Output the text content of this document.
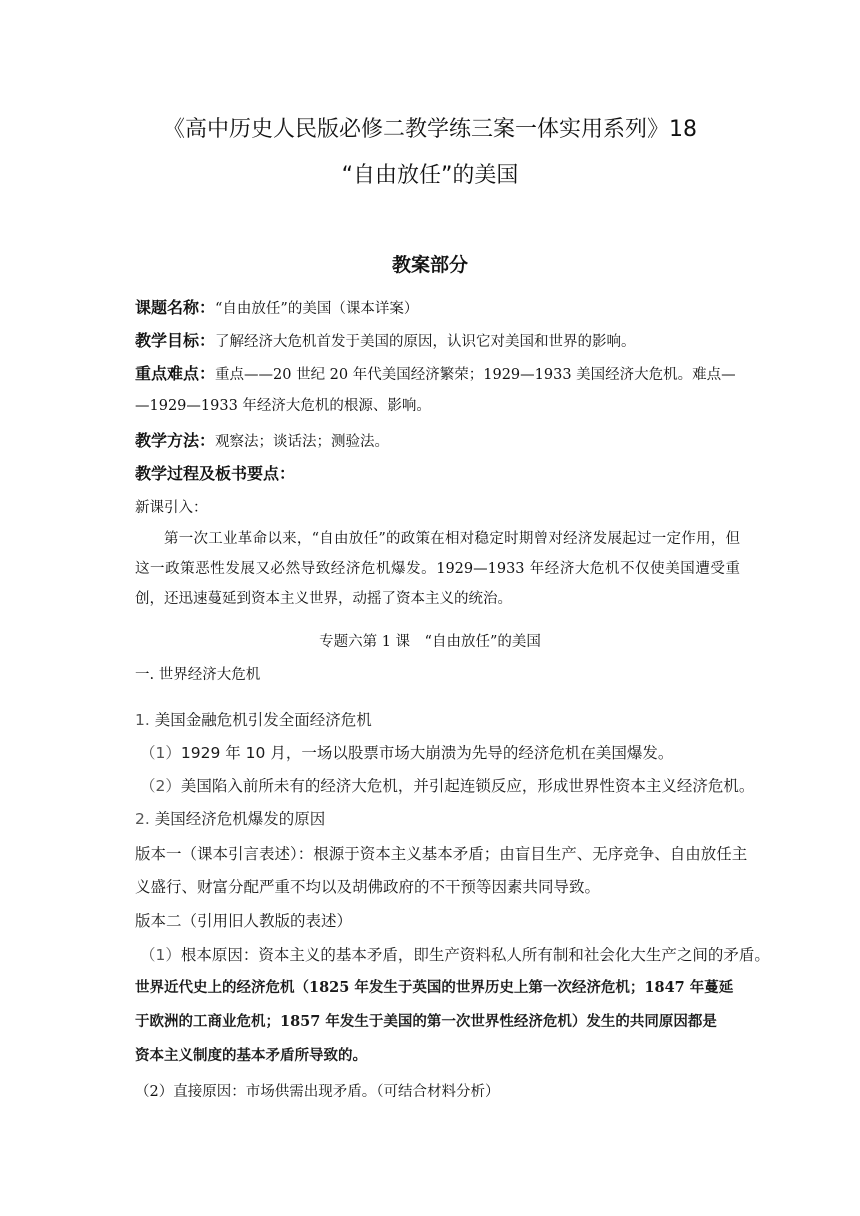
《高中历史人民版必修二教学练三案一体实用系列》18
“自由放任”的美国
教案部分
课题名称：“自由放任”的美国（课本详案）
教学目标：了解经济大危机首发于美国的原因，认识它对美国和世界的影响。
重点难点：重点——20 世纪 20 年代美国经济繁荣；1929—1933 美国经济大危机。难点—
—1929—1933 年经济大危机的根源、影响。
教学方法：观察法；谈话法；测验法。
教学过程及板书要点：
新课引入：
第一次工业革命以来，“自由放任”的政策在相对稳定时期曾对经济发展起过一定作用，但这一政策恶性发展又必然导致经济危机爆发。1929—1933 年经济大危机不仅使美国遭受重创，还迅速蔓延到资本主义世界，动摇了资本主义的统治。
专题六第 1 课　“自由放任”的美国
一. 世界经济大危机
1. 美国金融危机引发全面经济危机
（1）1929 年 10 月，一场以股票市场大崩溃为先导的经济危机在美国爆发。
（2）美国陷入前所未有的经济大危机，并引起连锁反应，形成世界性资本主义经济危机。
2. 美国经济危机爆发的原因
版本一（课本引言表述）：根源于资本主义基本矛盾；由盲目生产、无序竞争、自由放任主
义盛行、财富分配严重不均以及胡佛政府的不干预等因素共同导致。
版本二（引用旧人教版的表述）
（1）根本原因：资本主义的基本矛盾，即生产资料私人所有制和社会化大生产之间的矛盾。
世界近代史上的经济危机（1825 年发生于英国的世界历史上第一次经济危机；1847 年蔓延
于欧洲的工商业危机；1857 年发生于美国的第一次世界性经济危机）发生的共同原因都是
资本主义制度的基本矛盾所导致的。
（2）直接原因：市场供需出现矛盾。（可结合材料分析）
